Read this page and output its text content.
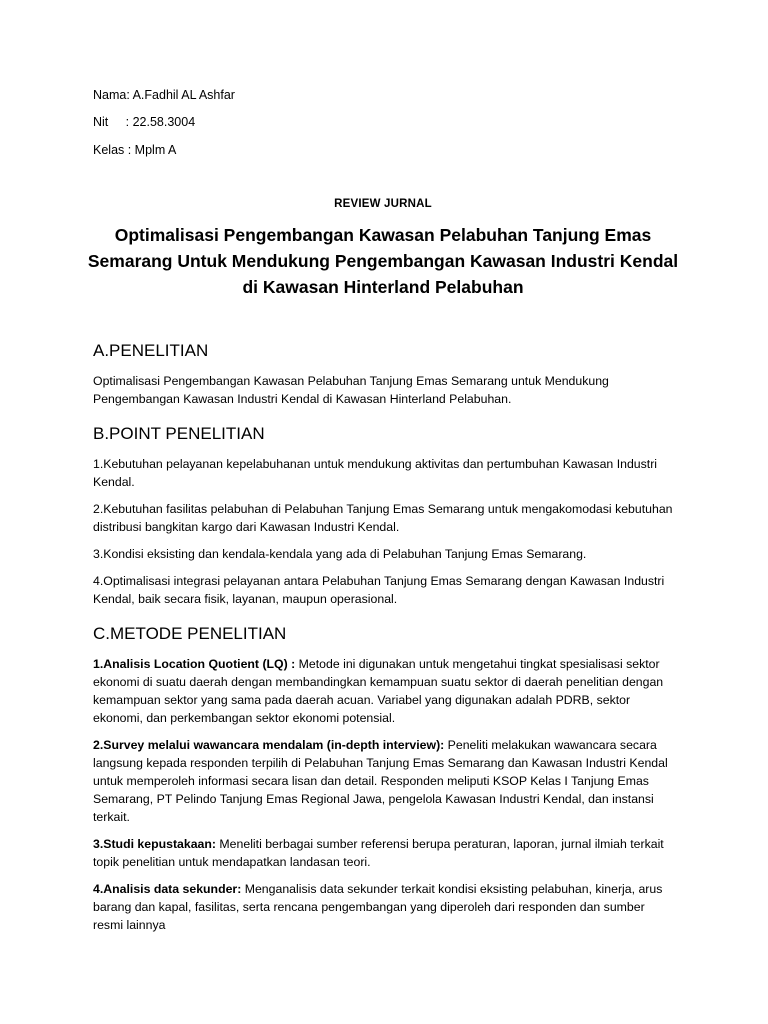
Nama: A.Fadhil AL Ashfar
Nit     : 22.58.3004
Kelas : Mplm A
REVIEW JURNAL
Optimalisasi Pengembangan Kawasan Pelabuhan Tanjung Emas Semarang Untuk Mendukung Pengembangan Kawasan Industri Kendal di Kawasan Hinterland Pelabuhan
A.PENELITIAN
Optimalisasi Pengembangan Kawasan Pelabuhan Tanjung Emas Semarang untuk Mendukung Pengembangan Kawasan Industri Kendal di Kawasan Hinterland Pelabuhan.
B.POINT PENELITIAN
1.Kebutuhan pelayanan kepelabuhanan untuk mendukung aktivitas dan pertumbuhan Kawasan Industri Kendal.
2.Kebutuhan fasilitas pelabuhan di Pelabuhan Tanjung Emas Semarang untuk mengakomodasi kebutuhan distribusi bangkitan kargo dari Kawasan Industri Kendal.
3.Kondisi eksisting dan kendala-kendala yang ada di Pelabuhan Tanjung Emas Semarang.
4.Optimalisasi integrasi pelayanan antara Pelabuhan Tanjung Emas Semarang dengan Kawasan Industri Kendal, baik secara fisik, layanan, maupun operasional.
C.METODE PENELITIAN
1.Analisis Location Quotient (LQ) : Metode ini digunakan untuk mengetahui tingkat spesialisasi sektor ekonomi di suatu daerah dengan membandingkan kemampuan suatu sektor di daerah penelitian dengan kemampuan sektor yang sama pada daerah acuan. Variabel yang digunakan adalah PDRB, sektor ekonomi, dan perkembangan sektor ekonomi potensial.
2.Survey melalui wawancara mendalam (in-depth interview): Peneliti melakukan wawancara secara langsung kepada responden terpilih di Pelabuhan Tanjung Emas Semarang dan Kawasan Industri Kendal untuk memperoleh informasi secara lisan dan detail. Responden meliputi KSOP Kelas I Tanjung Emas Semarang, PT Pelindo Tanjung Emas Regional Jawa, pengelola Kawasan Industri Kendal, dan instansi terkait.
3.Studi kepustakaan: Meneliti berbagai sumber referensi berupa peraturan, laporan, jurnal ilmiah terkait topik penelitian untuk mendapatkan landasan teori.
4.Analisis data sekunder: Menganalisis data sekunder terkait kondisi eksisting pelabuhan, kinerja, arus barang dan kapal, fasilitas, serta rencana pengembangan yang diperoleh dari responden dan sumber resmi lainnya
